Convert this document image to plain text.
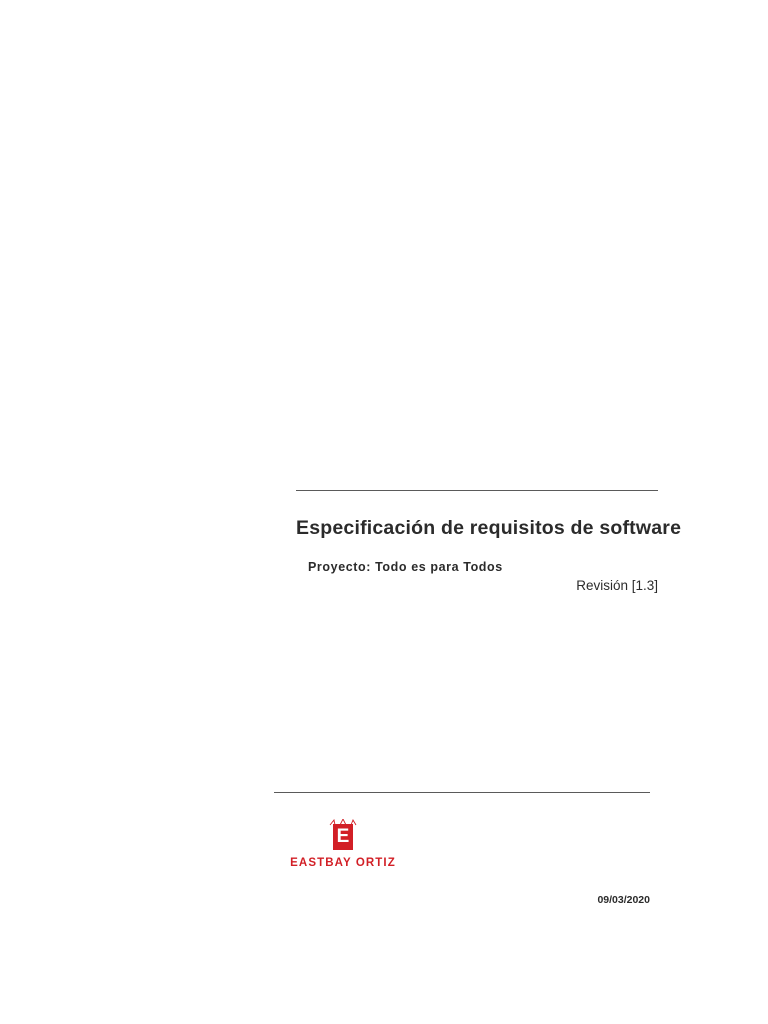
Especificación de requisitos de software
Proyecto: Todo es para Todos
Revisión [1.3]
E
EASTBAY ORTIZ
09/03/2020
